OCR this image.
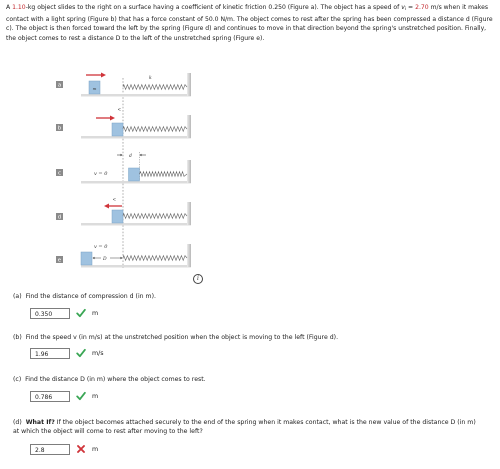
A 1.10-kg object slides to the right on a surface having a coefficient of kinetic friction 0.250 (Figure a). The object has a speed of $v_i = 2.70$ m/s when it makes contact with a light spring (Figure b) that has a force constant of 50.0 N/m. The object comes to rest after the spring has been compressed a distance d (Figure c). The object is then forced toward the left by the spring (Figure d) and continues to move in that direction beyond the spring's unstretched position. Finally, the object comes to rest a distance D to the left of the unstretched spring (Figure e).
a	m
k
v
b
c
d
v = 0
d
v
v = 0
e	D
i
(a) Find the distance of compression d (in m).
0.350	m
(b) Find the speed v (in m/s) at the unstretched position when the object is moving to the left (Figure d).
1.96	m/s
(c) Find the distance D (in m) where the object comes to rest.
0.786	m
(d) What If? If the object becomes attached securely to the end of the spring when it makes contact, what is the new value of the distance D (in m) at which the object will come to rest after moving to the left?
2.8	m
